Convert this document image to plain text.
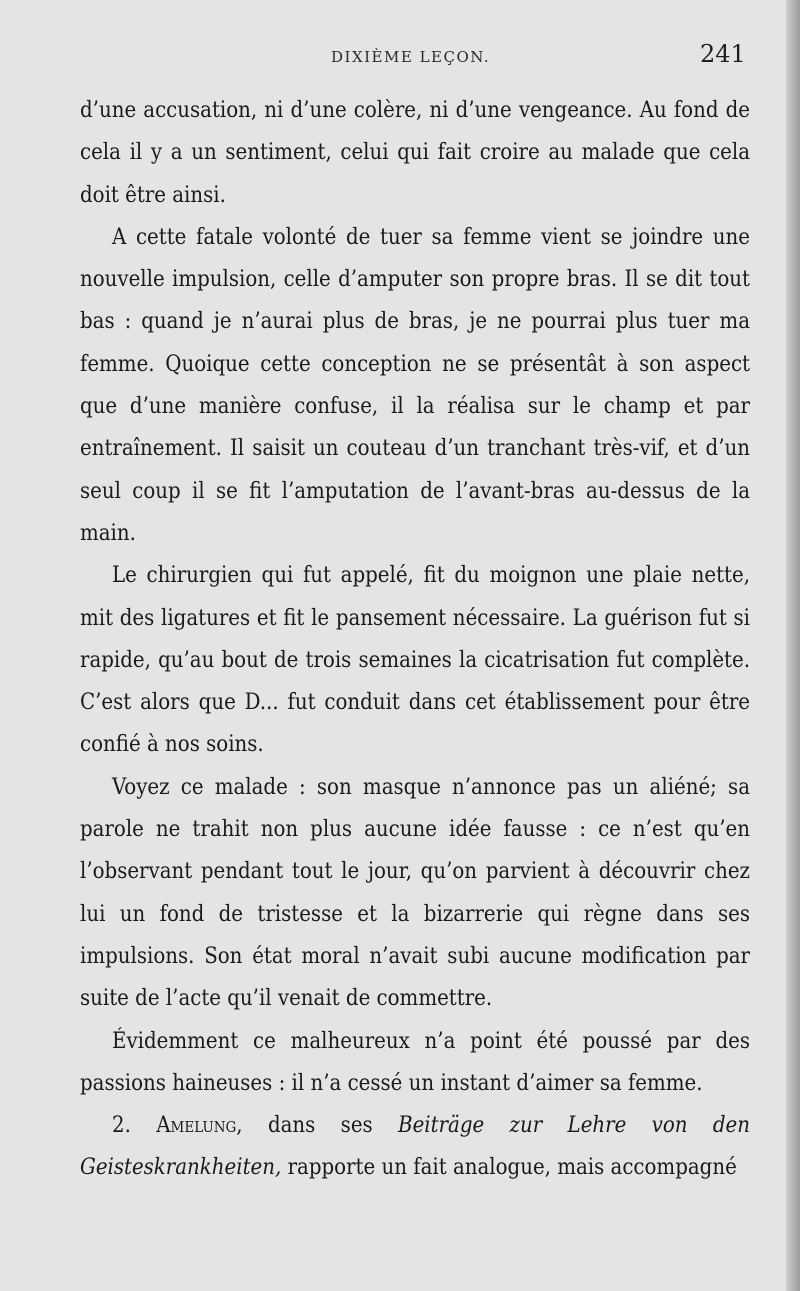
DIXIÈME LEÇON.	241

d’une accusation, ni d’une colère, ni d’une vengeance. Au fond de cela il y a un sentiment, celui qui fait croire au malade que cela doit être ainsi.

A cette fatale volonté de tuer sa femme vient se joindre une nouvelle impulsion, celle d’amputer son propre bras. Il se dit tout bas : quand je n’aurai plus de bras, je ne pourrai plus tuer ma femme. Quoique cette conception ne se présentât à son aspect que d’une manière confuse, il la réalisa sur le champ et par entraînement. Il saisit un couteau d’un tranchant très-vif, et d’un seul coup il se fit l’amputation de l’avant-bras au-dessus de la main.

Le chirurgien qui fut appelé, fit du moignon une plaie nette, mit des ligatures et fit le pansement nécessaire. La guérison fut si rapide, qu’au bout de trois semaines la cicatrisation fut complète. C’est alors que D... fut conduit dans cet établissement pour être confié à nos soins.

Voyez ce malade : son masque n’annonce pas un aliéné; sa parole ne trahit non plus aucune idée fausse : ce n’est qu’en l’observant pendant tout le jour, qu’on parvient à découvrir chez lui un fond de tristesse et la bizarrerie qui règne dans ses impulsions. Son état moral n’avait subi aucune modification par suite de l’acte qu’il venait de commettre.

Évidemment ce malheureux n’a point été poussé par des passions haineuses : il n’a cessé un instant d’aimer sa femme.

2. Amelung, dans ses Beiträge zur Lehre von den Geisteskrankheiten, rapporte un fait analogue, mais accompagné
